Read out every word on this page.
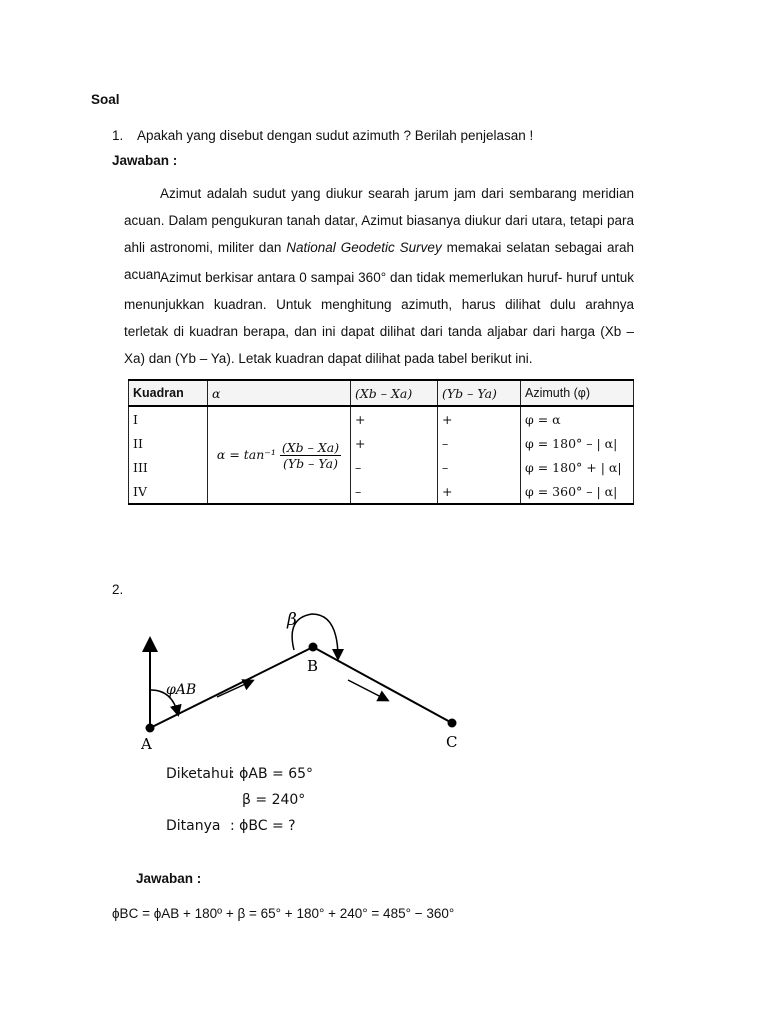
Soal
1. Apakah yang disebut dengan sudut azimuth ? Berilah penjelasan !
Jawaban :
Azimut adalah sudut yang diukur searah jarum jam dari sembarang meridian acuan. Dalam pengukuran tanah datar, Azimut biasanya diukur dari utara, tetapi para ahli astronomi, militer dan National Geodetic Survey memakai selatan sebagai arah acuan.
Azimut berkisar antara 0 sampai 360° dan tidak memerlukan huruf- huruf untuk menunjukkan kuadran. Untuk menghitung azimuth, harus dilihat dulu arahnya terletak di kuadran berapa, dan ini dapat dilihat dari tanda aljabar dari harga (Xb – Xa) dan (Yb – Ya). Letak kuadran dapat dilihat pada tabel berikut ini.
Kuadran	α	(Xb – Xa)	(Yb – Ya)	Azimuth (φ)
I	$\alpha = \tan^{-1} \frac{(Xb - Xa)}{(Yb - Ya)}$	+	+	φ = α
II		+	–	φ = 180° – | α|
III		–	–	φ = 180° + | α|
IV		–	+	φ = 360° – | α|
2.
A
B
C
β
φAB
Diketahui
: ϕAB = 65°
β = 240°
Ditanya : ϕBC = ?
Jawaban :
ϕBC = ϕAB + 180º + β = 65° + 180° + 240° = 485° − 360°
